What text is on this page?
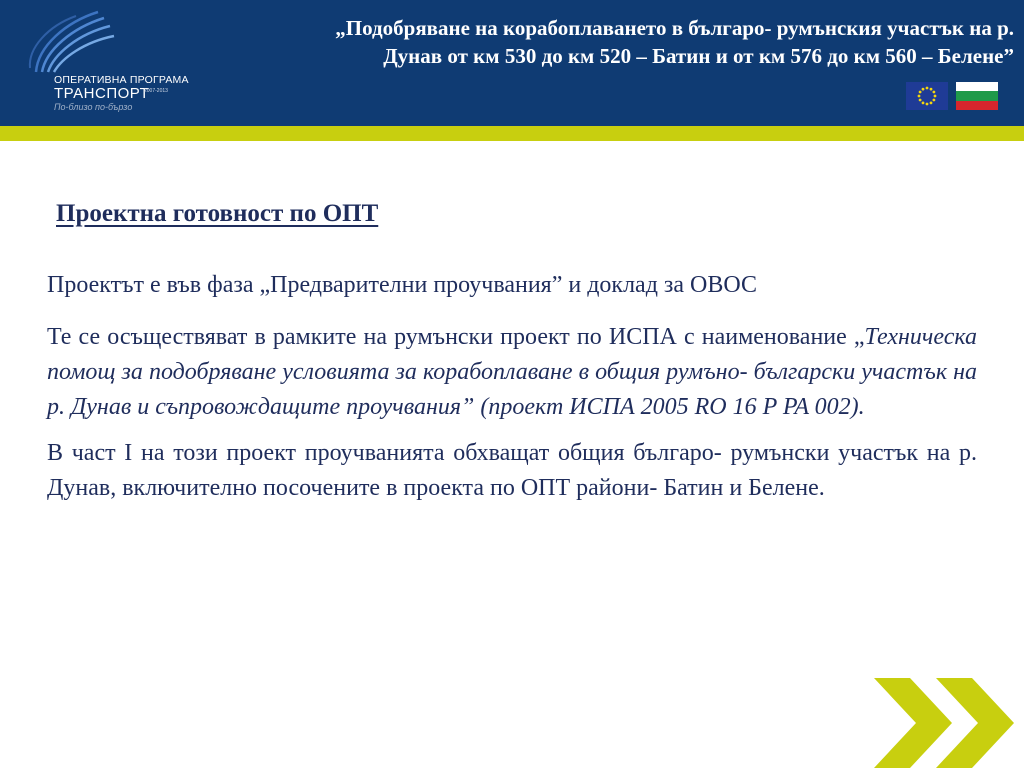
ОПЕРАТИВНА ПРОГРАМА
ТРАНСПОРТ
2007-2013
По-близо по-бързо
„Подобряване на корабоплаването в българо- румънския участък на р.
Дунав от км 530 до км 520 – Батин и от км 576 до км 560 – Белене”
Проектна готовност по ОПТ

Проектът е във фаза „Предварителни проучвания” и доклад за ОВОС

Те се осъществяват в рамките на румънски проект по ИСПА с наименование „Техническа помощ за подобряване условията за корабоплаване в общия румъно- български участък на р. Дунав и съпровождащите проучвания” (проект ИСПА 2005 RO 16 P PA 002).

В част I на този проект проучванията обхващат общия българо- румънски участък на р. Дунав, включително посочените в проекта по ОПТ райони- Батин и Белене.
